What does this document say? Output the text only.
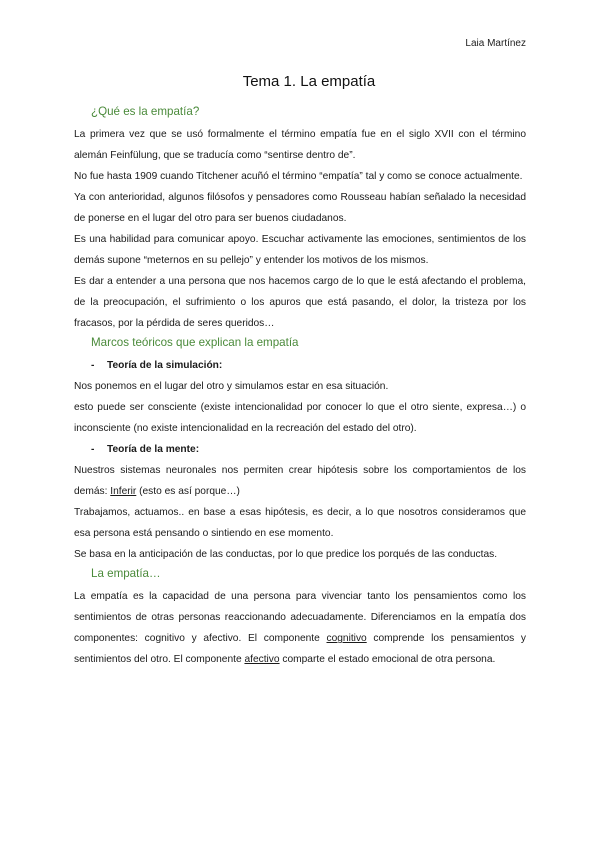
Laia Martínez
Tema 1. La empatía
¿Qué es la empatía?

La primera vez que se usó formalmente el término empatía fue en el siglo XVII con el término alemán Feinfülung, que se traducía como “sentirse dentro de”.

No fue hasta 1909 cuando Titchener acuñó el término “empatía” tal y como se conoce actualmente.

Ya con anterioridad, algunos filósofos y pensadores como Rousseau habían señalado la necesidad de ponerse en el lugar del otro para ser buenos ciudadanos.

Es una habilidad para comunicar apoyo. Escuchar activamente las emociones, sentimientos de los demás supone “meternos en su pellejo” y entender los motivos de los mismos.

Es dar a entender a una persona que nos hacemos cargo de lo que le está afectando el problema, de la preocupación, el sufrimiento o los apuros que está pasando, el dolor, la tristeza por los fracasos, por la pérdida de seres queridos…

Marcos teóricos que explican la empatía
-	Teoría de la simulación:

Nos ponemos en el lugar del otro y simulamos estar en esa situación.

esto puede ser consciente (existe intencionalidad por conocer lo que el otro siente, expresa…) o inconsciente (no existe intencionalidad en la recreación del estado del otro).

-	Teoría de la mente:

Nuestros sistemas neuronales nos permiten crear hipótesis sobre los comportamientos de los demás: Inferir (esto es así porque…)

Trabajamos, actuamos.. en base a esas hipótesis, es decir, a lo que nosotros consideramos que esa persona está pensando o sintiendo en ese momento.

Se basa en la anticipación de las conductas, por lo que predice los porqués de las conductas.

La empatía…

La empatía es la capacidad de una persona para vivenciar tanto los pensamientos como los sentimientos de otras personas reaccionando adecuadamente. Diferenciamos en la empatía dos componentes: cognitivo y afectivo. El componente cognitivo comprende los pensamientos y sentimientos del otro. El componente afectivo comparte el estado emocional de otra persona.
